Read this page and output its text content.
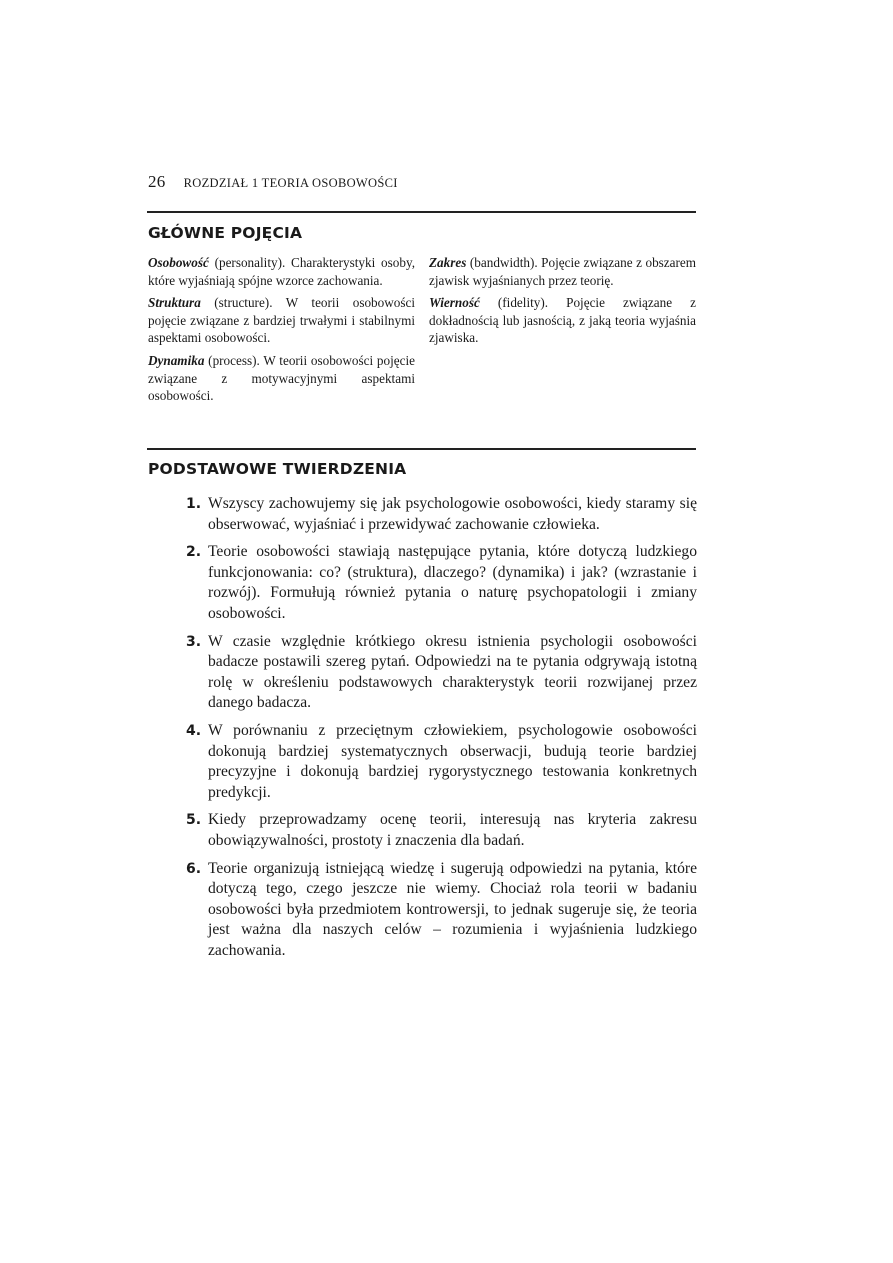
26 ROZDZIAŁ 1 TEORIA OSOBOWOŚCI
GŁÓWNE POJĘCIA

Osobowość (personality). Charakterystyki osoby, które wyjaśniają spójne wzorce zachowania.

Struktura (structure). W teorii osobowości pojęcie związane z bardziej trwałymi i stabilnymi aspektami osobowości.

Dynamika (process). W teorii osobowości pojęcie związane z motywacyjnymi aspektami osobowości.

Zakres (bandwidth). Pojęcie związane z obszarem zjawisk wyjaśnianych przez teorię.

Wierność (fidelity). Pojęcie związane z dokładnością lub jasnością, z jaką teoria wyjaśnia zjawiska.

PODSTAWOWE TWIERDZENIA
1. Wszyscy zachowujemy się jak psychologowie osobowości, kiedy staramy się obserwować, wyjaśniać i przewidywać zachowanie człowieka.
2. Teorie osobowości stawiają następujące pytania, które dotyczą ludzkiego funkcjonowania: co? (struktura), dlaczego? (dynamika) i jak? (wzrastanie i rozwój). Formułują również pytania o naturę psychopatologii i zmiany osobowości.
3. W czasie względnie krótkiego okresu istnienia psychologii osobowości badacze postawili szereg pytań. Odpowiedzi na te pytania odgrywają istotną rolę w określeniu podstawowych charakterystyk teorii rozwijanej przez danego badacza.
4. W porównaniu z przeciętnym człowiekiem, psychologowie osobowości dokonują bardziej systematycznych obserwacji, budują teorie bardziej precyzyjne i dokonują bardziej rygorystycznego testowania konkretnych predykcji.
5. Kiedy przeprowadzamy ocenę teorii, interesują nas kryteria zakresu obowiązywalności, prostoty i znaczenia dla badań.
6. Teorie organizują istniejącą wiedzę i sugerują odpowiedzi na pytania, które dotyczą tego, czego jeszcze nie wiemy. Chociaż rola teorii w badaniu osobowości była przedmiotem kontrowersji, to jednak sugeruje się, że teoria jest ważna dla naszych celów – rozumienia i wyjaśnienia ludzkiego zachowania.
